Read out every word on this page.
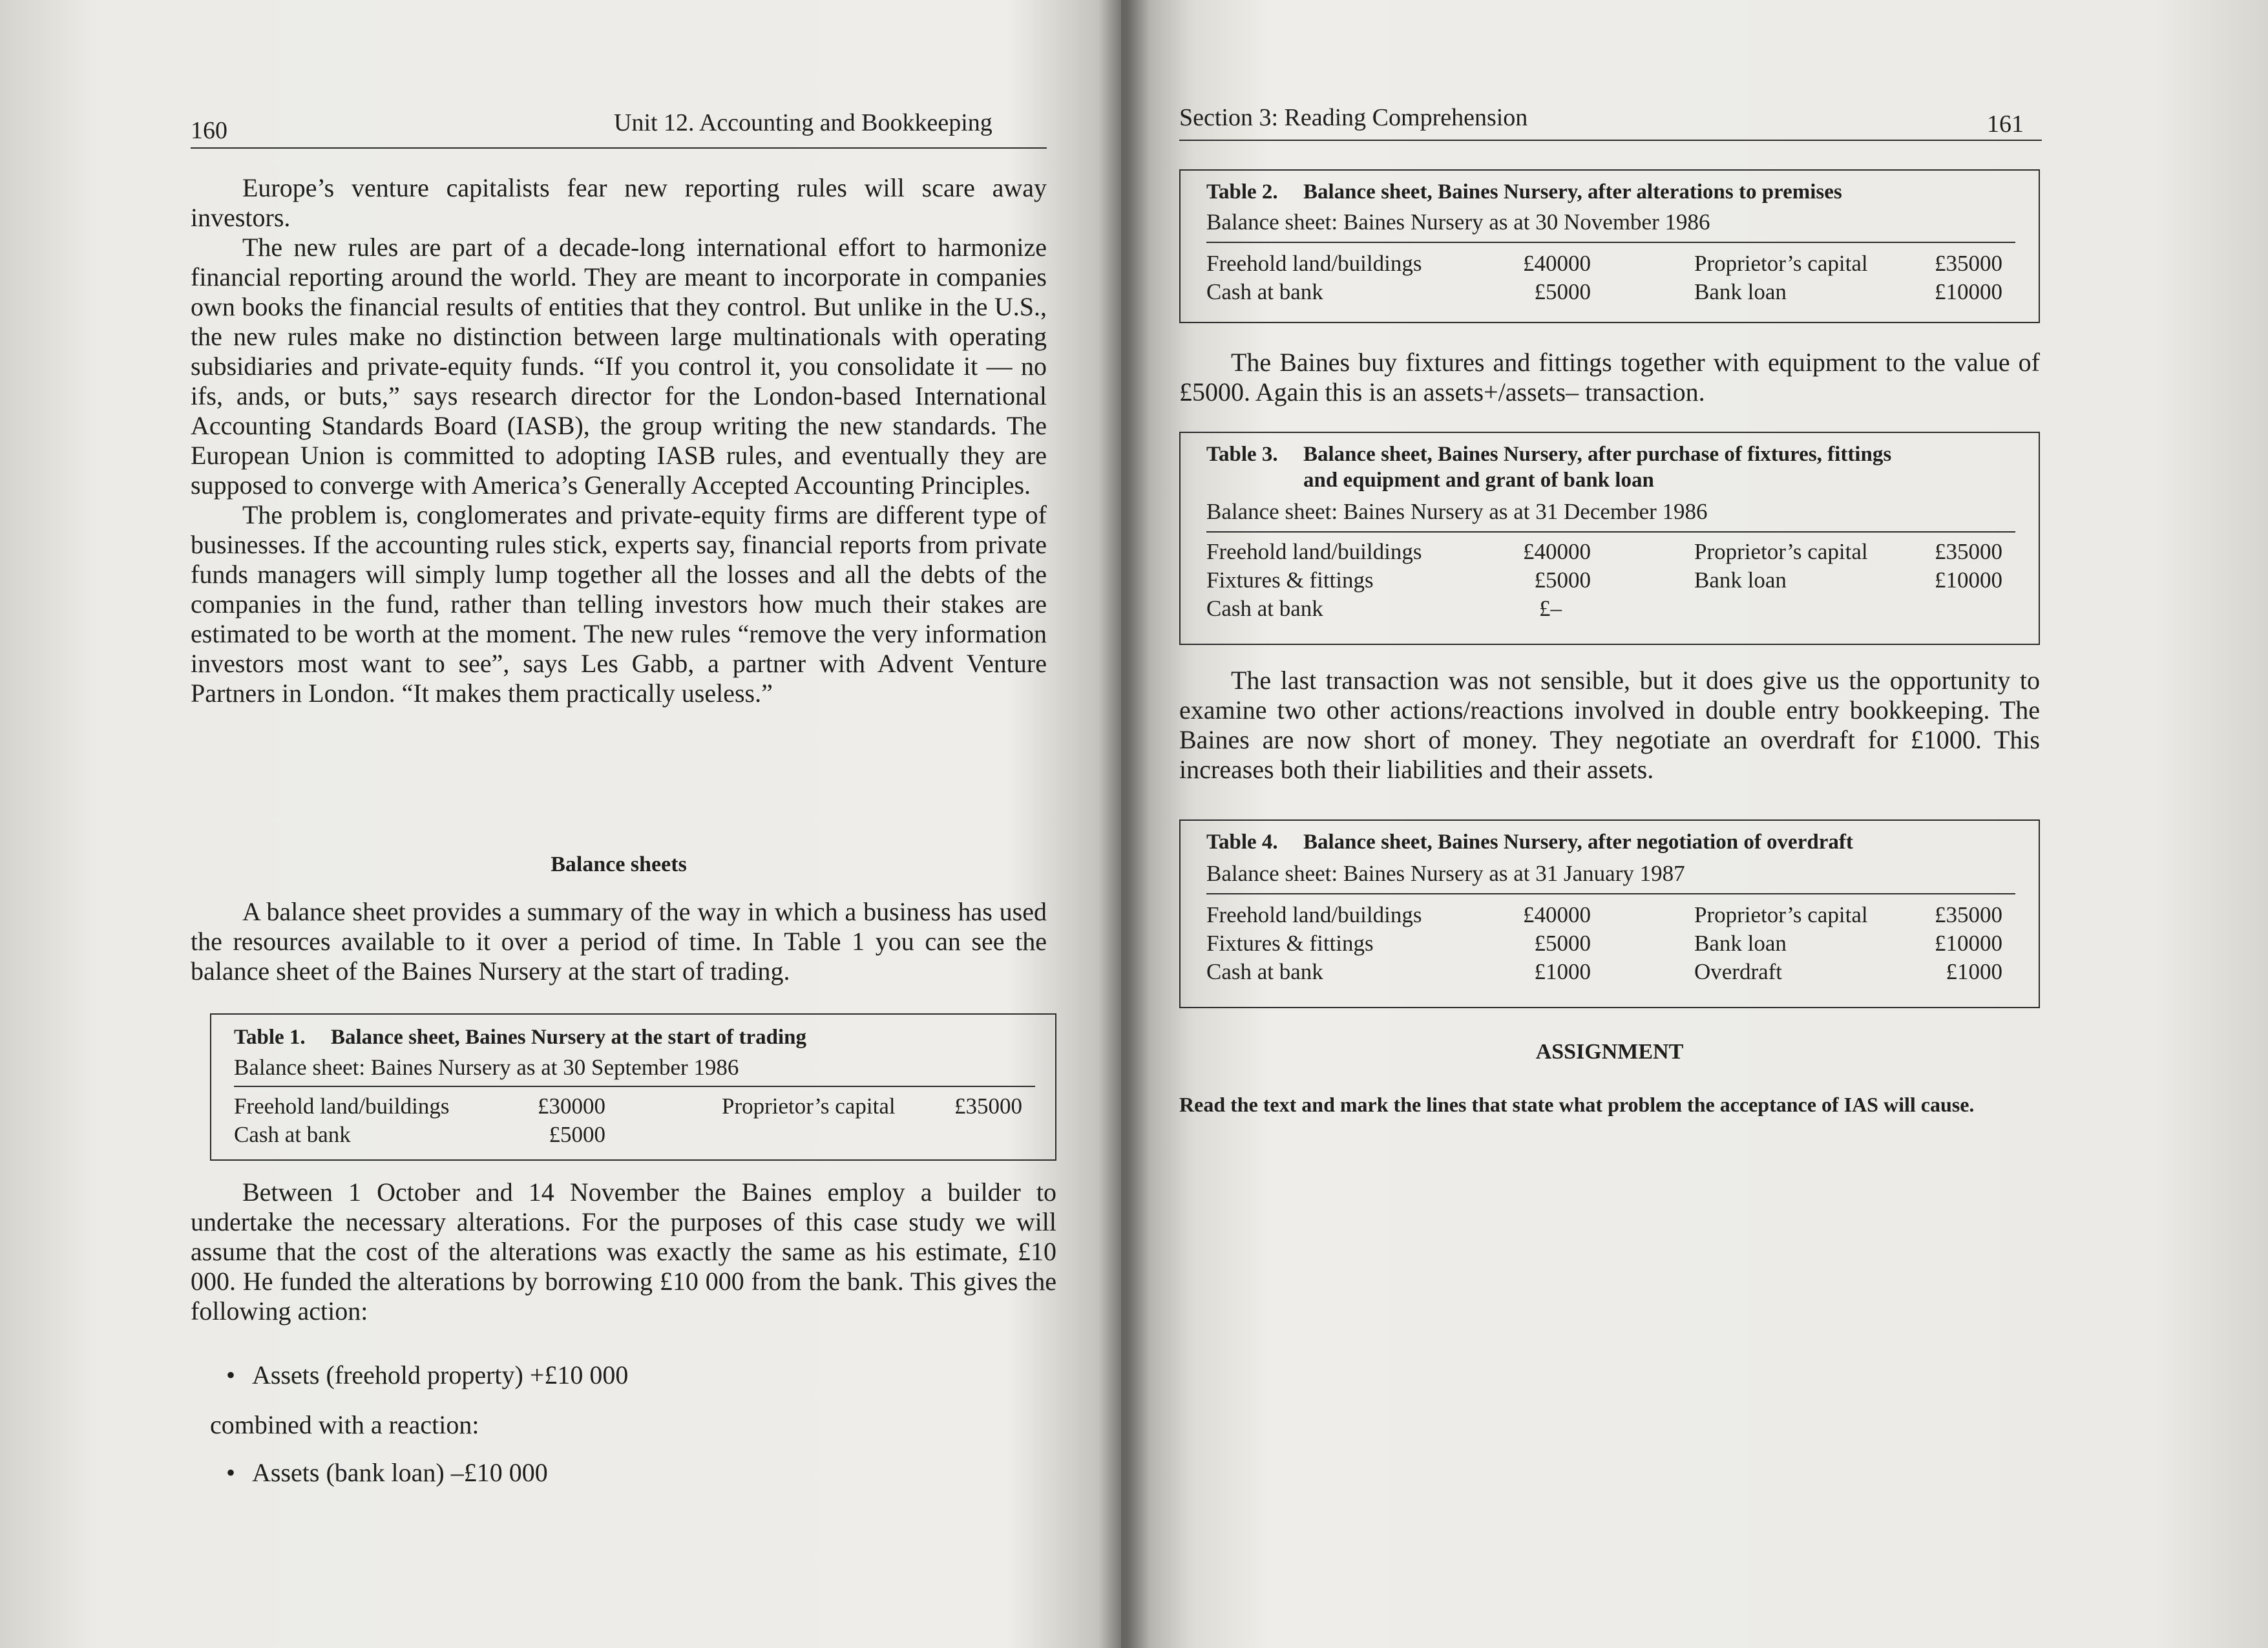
160	Unit 12. Accounting and Bookkeeping

Europe’s venture capitalists fear new reporting rules will scare away investors.

The new rules are part of a decade-long international effort to harmonize financial reporting around the world. They are meant to incorporate in companies own books the financial results of entities that they control. But unlike in the U.S., the new rules make no distinction between large multinationals with operating subsidiaries and private-equity funds. “If you control it, you consolidate it — no ifs, ands, or buts,” says research director for the London-based International Accounting Standards Board (IASB), the group writing the new standards. The European Union is committed to adopting IASB rules, and eventually they are supposed to converge with America’s Generally Accepted Accounting Principles.

The problem is, conglomerates and private-equity firms are different type of businesses. If the accounting rules stick, experts say, financial reports from private funds managers will simply lump together all the losses and all the debts of the companies in the fund, rather than telling investors how much their stakes are estimated to be worth at the moment. The new rules “remove the very information investors most want to see”, says Les Gabb, a partner with Advent Venture Partners in London. “It makes them practically useless.”

Balance sheets

A balance sheet provides a summary of the way in which a business has used the resources available to it over a period of time. In Table 1 you can see the balance sheet of the Baines Nursery at the start of trading.

Table 1. Balance sheet, Baines Nursery at the start of trading
Balance sheet: Baines Nursery as at 30 September 1986
Freehold land/buildings	£30000	Proprietor’s capital	£35000
Cash at bank	£5000

Between 1 October and 14 November the Baines employ a builder to undertake the necessary alterations. For the purposes of this case study we will assume that the cost of the alterations was exactly the same as his estimate, £10 000. He funded the alterations by borrowing £10 000 from the bank. This gives the following action:

• Assets (freehold property) +£10 000
combined with a reaction:
• Assets (bank loan) –£10 000
Section 3: Reading Comprehension	161
Table 2. Balance sheet, Baines Nursery, after alterations to premises
Balance sheet: Baines Nursery as at 30 November 1986
Freehold land/buildings	£40000	Proprietor’s capital	£35000
Cash at bank	£5000	Bank loan	£10000

The Baines buy fixtures and fittings together with equipment to the value of £5000. Again this is an assets+/assets– transaction.

Table 3. Balance sheet, Baines Nursery, after purchase of fixtures, fittings
and equipment and grant of bank loan
Balance sheet: Baines Nursery as at 31 December 1986
Freehold land/buildings	£40000	Proprietor’s capital	£35000
Fixtures & fittings	£5000	Bank loan	£10000
Cash at bank	£–

The last transaction was not sensible, but it does give us the opportunity to examine two other actions/reactions involved in double entry bookkeeping. The Baines are now short of money. They negotiate an overdraft for £1000. This increases both their liabilities and their assets.

Table 4. Balance sheet, Baines Nursery, after negotiation of overdraft
Balance sheet: Baines Nursery as at 31 January 1987
Freehold land/buildings	£40000	Proprietor’s capital	£35000
Fixtures & fittings	£5000	Bank loan	£10000
Cash at bank	£1000	Overdraft	£1000
ASSIGNMENT
Read the text and mark the lines that state what problem the acceptance of IAS will cause.
